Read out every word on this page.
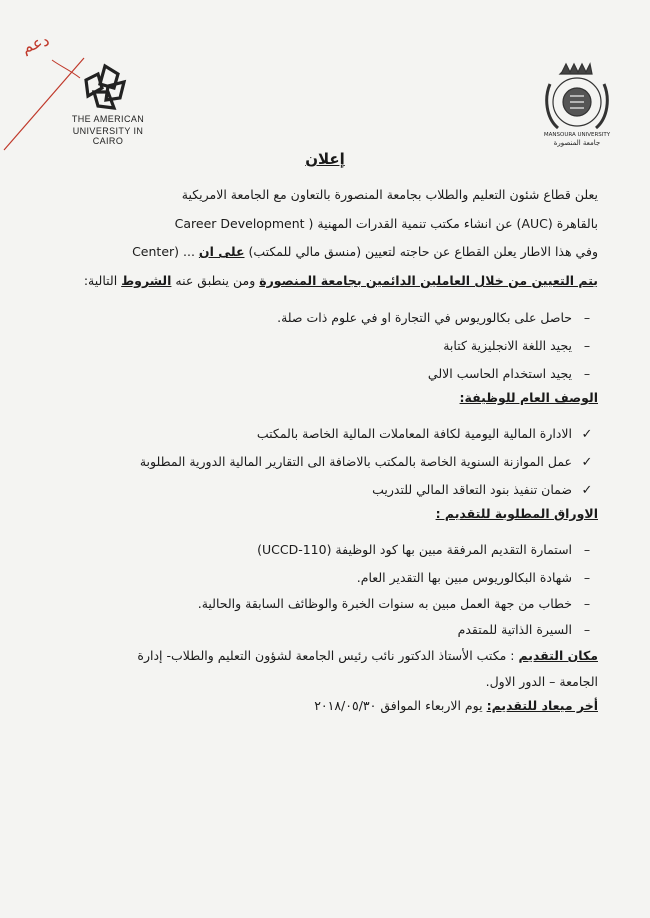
دعم
THE AMERICAN
UNIVERSITY IN CAIRO
MANSOURA UNIVERSITY
جامعة المنصورة
إعلان
يعلن قطاع شئون التعليم والطلاب بجامعة المنصورة بالتعاون مع الجامعة الامريكية
بالقاهرة (AUC) عن انشاء مكتب تنمية القدرات المهنية ( Career Development
Center) ... وفي هذا الاطار يعلن القطاع عن حاجته لتعيين (منسق مالي للمكتب) على ان
يتم التعيين من خلال العاملين الدائمين بجامعة المنصورة ومن ينطبق عنه الشروط التالية:
– حاصل على بكالوريوس في التجارة او في علوم ذات صلة.
– يجيد اللغة الانجليزية كتابة
– يجيد استخدام الحاسب الالي
الوصف العام للوظيفة:
✓ الادارة المالية اليومية لكافة المعاملات المالية الخاصة بالمكتب
✓ عمل الموازنة السنوية الخاصة بالمكتب بالاضافة الى التقارير المالية الدورية المطلوبة
✓ ضمان تنفيذ بنود التعاقد المالي للتدريب
الاوراق المطلوبة للتقديم :
– استمارة التقديم المرفقة مبين بها كود الوظيفة (UCCD-110)
– شهادة البكالوريوس مبين بها التقدير العام.
– خطاب من جهة العمل مبين به سنوات الخبرة والوظائف السابقة والحالية.
– السيرة الذاتية للمتقدم
مكان التقديم : مكتب الأستاذ الدكتور نائب رئيس الجامعة لشؤون التعليم والطلاب- إدارة
الجامعة – الدور الاول.
أخر ميعاد للتقديم: يوم الاربعاء الموافق ٢٠١٨/٠٥/٣٠
